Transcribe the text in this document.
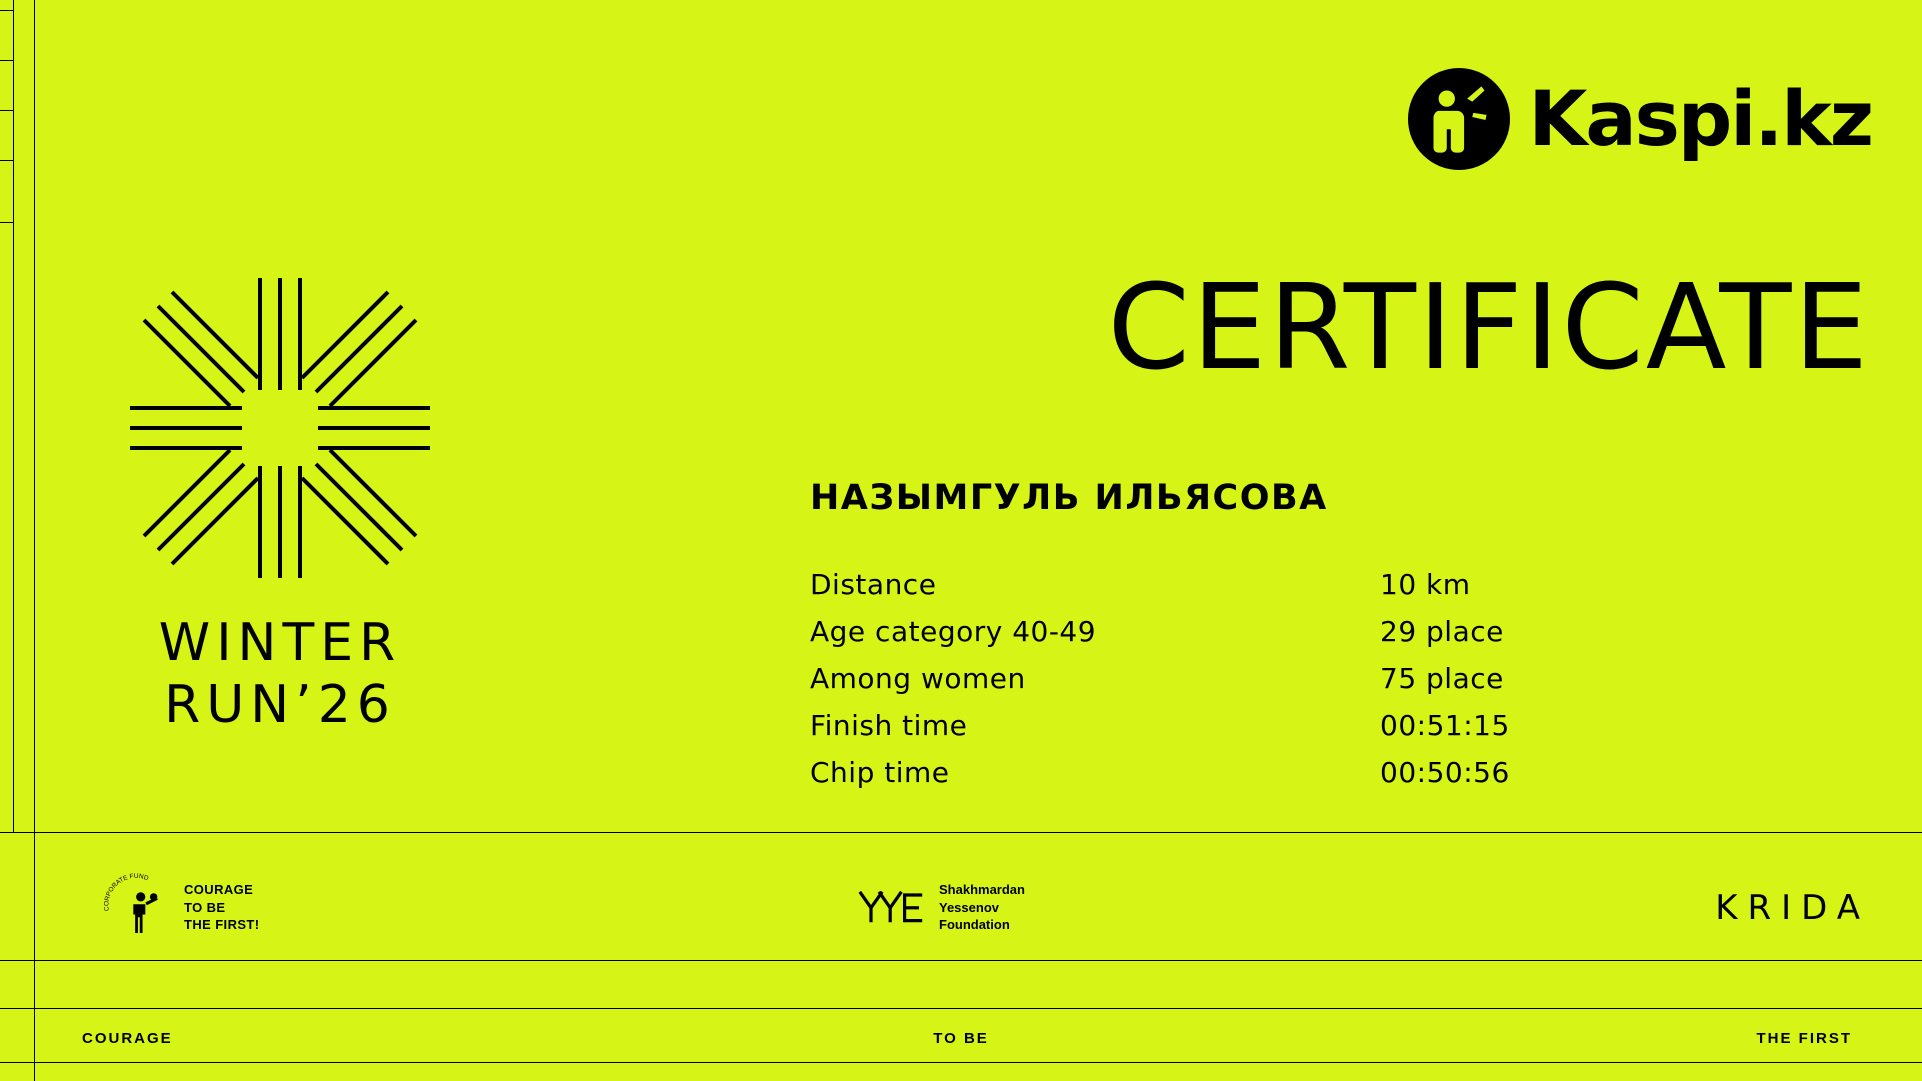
Kaspi.kz
CERTIFICATE
НАЗЫМГУЛЬ ИЛЬЯСОВА
Distance	10 km
Age category 40-49	29 place
Among women	75 place
Finish time	00:51:15
Chip time	00:50:56
WINTER
RUN’26
CORPORATE FUND
COURAGE
TO BE
THE FIRST!
Shakhmardan
Yessenov
Foundation	KRIDA
COURAGE	TO BE	THE FIRST
